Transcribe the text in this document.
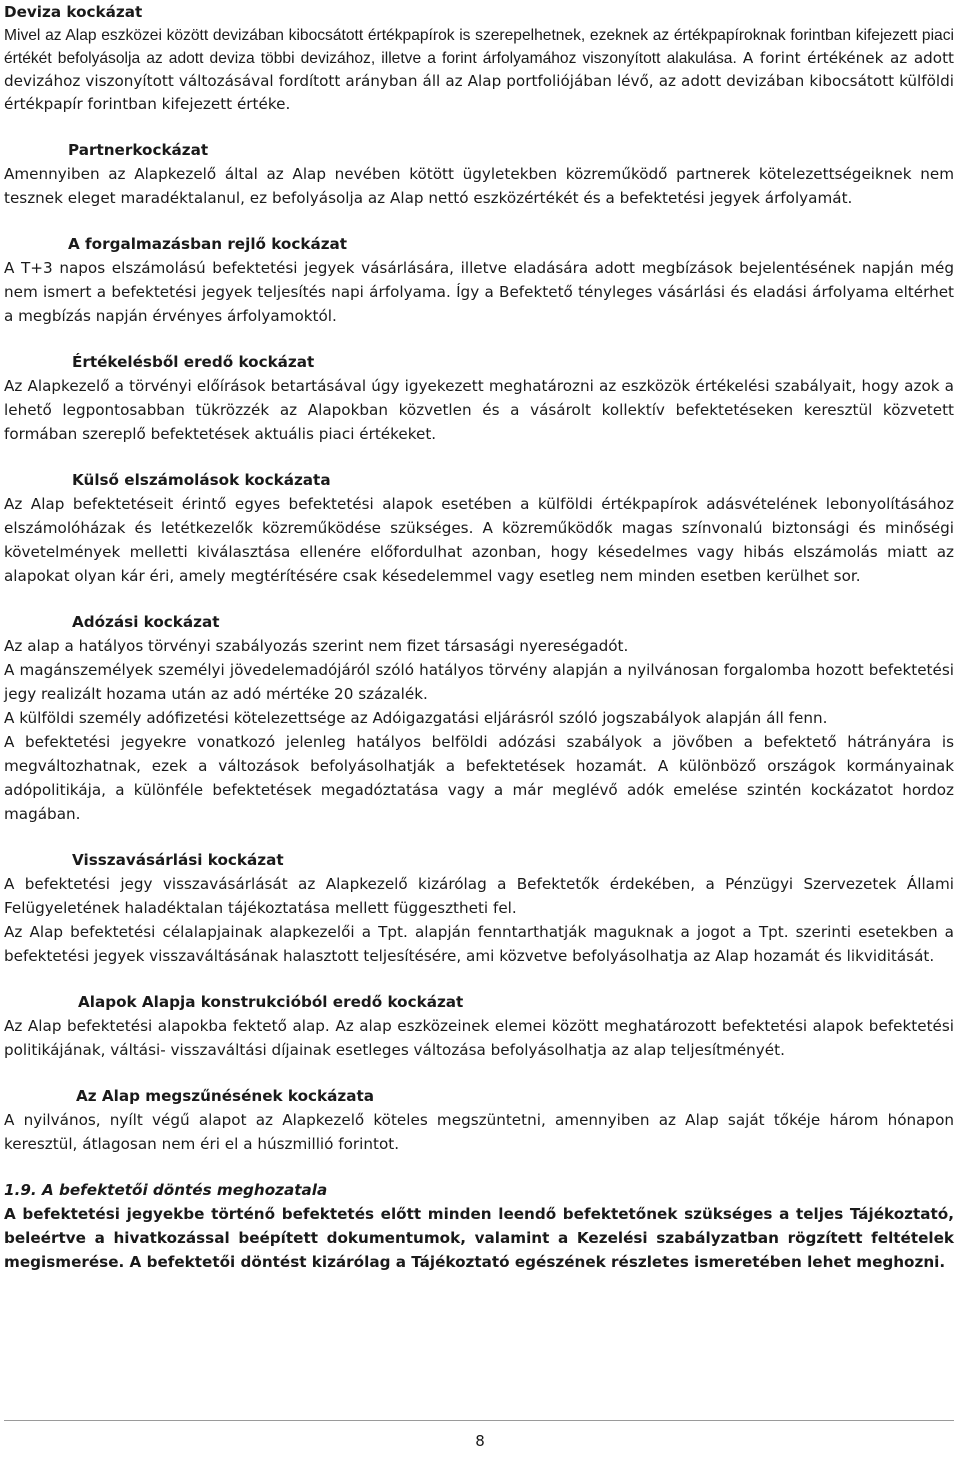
Deviza kockázat

Mivel az Alap eszközei között devizában kibocsátott értékpapírok is szerepelhetnek, ezeknek az értékpapíroknak forintban kifejezett piaci értékét befolyásolja az adott deviza többi devizához, illetve a forint árfolyamához viszonyított alakulása. A forint értékének az adott devizához viszonyított változásával fordított arányban áll az Alap portfoliójában lévő, az adott devizában kibocsátott külföldi értékpapír forintban kifejezett értéke.

Partnerkockázat

Amennyiben az Alapkezelő által az Alap nevében kötött ügyletekben közreműködő partnerek kötelezettségeiknek nem tesznek eleget maradéktalanul, ez befolyásolja az Alap nettó eszközértékét és a befektetési jegyek árfolyamát.

A forgalmazásban rejlő kockázat

A T+3 napos elszámolású befektetési jegyek vásárlására, illetve eladására adott megbízások bejelentésének napján még nem ismert a befektetési jegyek teljesítés napi árfolyama. Így a Befektető tényleges vásárlási és eladási árfolyama eltérhet a megbízás napján érvényes árfolyamoktól.

Értékelésből eredő kockázat

Az Alapkezelő a törvényi előírások betartásával úgy igyekezett meghatározni az eszközök értékelési szabályait, hogy azok a lehető legpontosabban tükrözzék az Alapokban közvetlen és a vásárolt kollektív befektetéseken keresztül közvetett formában szereplő befektetések aktuális piaci értékeket.

Külső elszámolások kockázata

Az Alap befektetéseit érintő egyes befektetési alapok esetében a külföldi értékpapírok adásvételének lebonyolításához elszámolóházak és letétkezelők közreműködése szükséges. A közreműködők magas színvonalú biztonsági és minőségi követelmények melletti kiválasztása ellenére előfordulhat azonban, hogy késedelmes vagy hibás elszámolás miatt az alapokat olyan kár éri, amely megtérítésére csak késedelemmel vagy esetleg nem minden esetben kerülhet sor.

Adózási kockázat

Az alap a hatályos törvényi szabályozás szerint nem fizet társasági nyereségadót.

A magánszemélyek személyi jövedelemadójáról szóló hatályos törvény alapján a nyilvánosan forgalomba hozott befektetési jegy realizált hozama után az adó mértéke 20 százalék.

A külföldi személy adófizetési kötelezettsége az Adóigazgatási eljárásról szóló jogszabályok alapján áll fenn.

A befektetési jegyekre vonatkozó jelenleg hatályos belföldi adózási szabályok a jövőben a befektető hátrányára is megváltozhatnak, ezek a változások befolyásolhatják a befektetések hozamát. A különböző országok kormányainak adópolitikája, a különféle befektetések megadóztatása vagy a már meglévő adók emelése szintén kockázatot hordoz magában.

Visszavásárlási kockázat

A befektetési jegy visszavásárlását az Alapkezelő kizárólag a Befektetők érdekében, a Pénzügyi Szervezetek Állami Felügyeletének haladéktalan tájékoztatása mellett függesztheti fel.

Az Alap befektetési célalapjainak alapkezelői a Tpt. alapján fenntarthatják maguknak a jogot a Tpt. szerinti esetekben a befektetési jegyek visszaváltásának halasztott teljesítésére, ami közvetve befolyásolhatja az Alap hozamát és likviditását.

Alapok Alapja konstrukcióból eredő kockázat

Az Alap befektetési alapokba fektető alap. Az alap eszközeinek elemei között meghatározott befektetési alapok befektetési politikájának, váltási- visszaváltási díjainak esetleges változása befolyásolhatja az alap teljesítményét.

Az Alap megszűnésének kockázata

A nyilvános, nyílt végű alapot az Alapkezelő köteles megszüntetni, amennyiben az Alap saját tőkéje három hónapon keresztül, átlagosan nem éri el a húszmillió forintot.

1.9. A befektetői döntés meghozatala

A befektetési jegyekbe történő befektetés előtt minden leendő befektetőnek szükséges a teljes Tájékoztató, beleértve a hivatkozással beépített dokumentumok, valamint a Kezelési szabályzatban rögzített feltételek megismerése. A befektetői döntést kizárólag a Tájékoztató egészének részletes ismeretében lehet meghozni.

8
